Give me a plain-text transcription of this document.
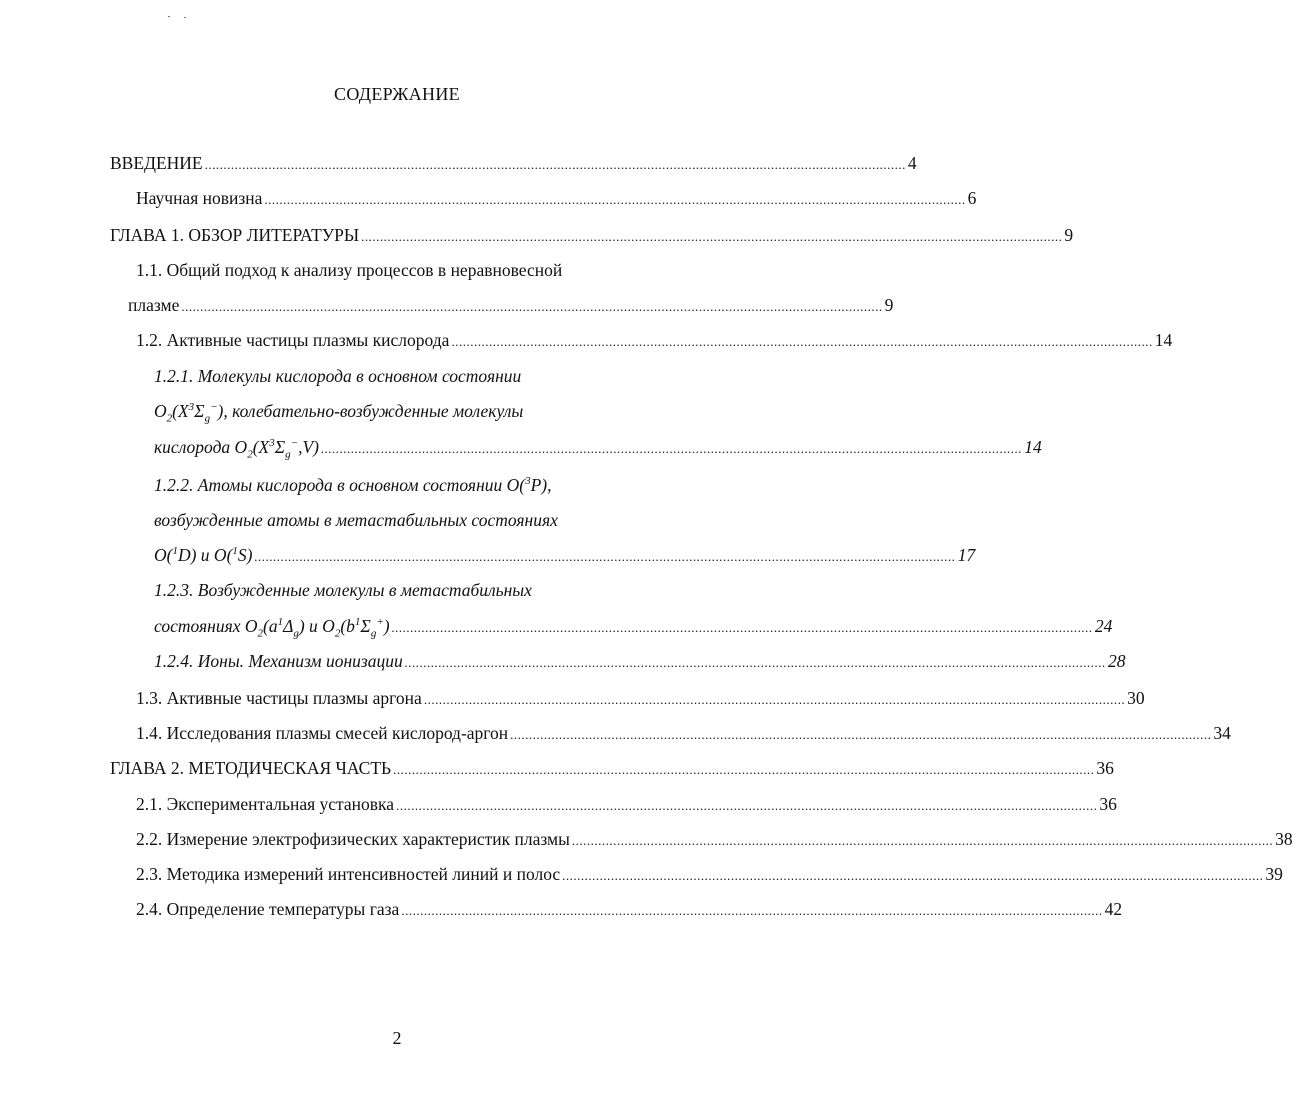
СОДЕРЖАНИЕ
ВВЕДЕНИЕ ........................................................................................................................................................................................... 4
Научная новизна ........................................................................................................................................................................................... 6
ГЛАВА 1. ОБЗОР ЛИТЕРАТУРЫ ........................................................................................................................................................................................... 9
1.1. Общий подход к анализу процессов в неравновесной
плазме ........................................................................................................................................................................................... 9
1.2. Активные частицы плазмы кислорода ........................................................................................................................................................................................... 14
1.2.1. Молекулы кислорода в основном состоянии
$O_2(X^3\Sigma_g^-)$, колебательно-возбужденные молекулы
кислорода $O_2(X^3\Sigma_g^-,V)$ ........................................................................................................................................................................................... 14
1.2.2. Атомы кислорода в основном состоянии O($^3$P),
возбужденные атомы в метастабильных состояниях
O($^1$D) и O($^1$S) ........................................................................................................................................................................................... 17
1.2.3. Возбужденные молекулы в метастабильных
состояниях $O_2(a^1\Delta_g)$ и $O_2(b^1\Sigma_g^+)$ ........................................................................................................................................................................................... 24
1.2.4. Ионы. Механизм ионизации ........................................................................................................................................................................................... 28
1.3. Активные частицы плазмы аргона ........................................................................................................................................................................................... 30
1.4. Исследования плазмы смесей кислород-аргон ........................................................................................................................................................................................... 34
ГЛАВА 2. МЕТОДИЧЕСКАЯ ЧАСТЬ ........................................................................................................................................................................................... 36
2.1. Экспериментальная установка ........................................................................................................................................................................................... 36
2.2. Измерение электрофизических характеристик плазмы ........................................................................................................................................................................................... 38
2.3. Методика измерений интенсивностей линий и полос ........................................................................................................................................................................................... 39
2.4. Определение температуры газа ........................................................................................................................................................................................... 42
2
